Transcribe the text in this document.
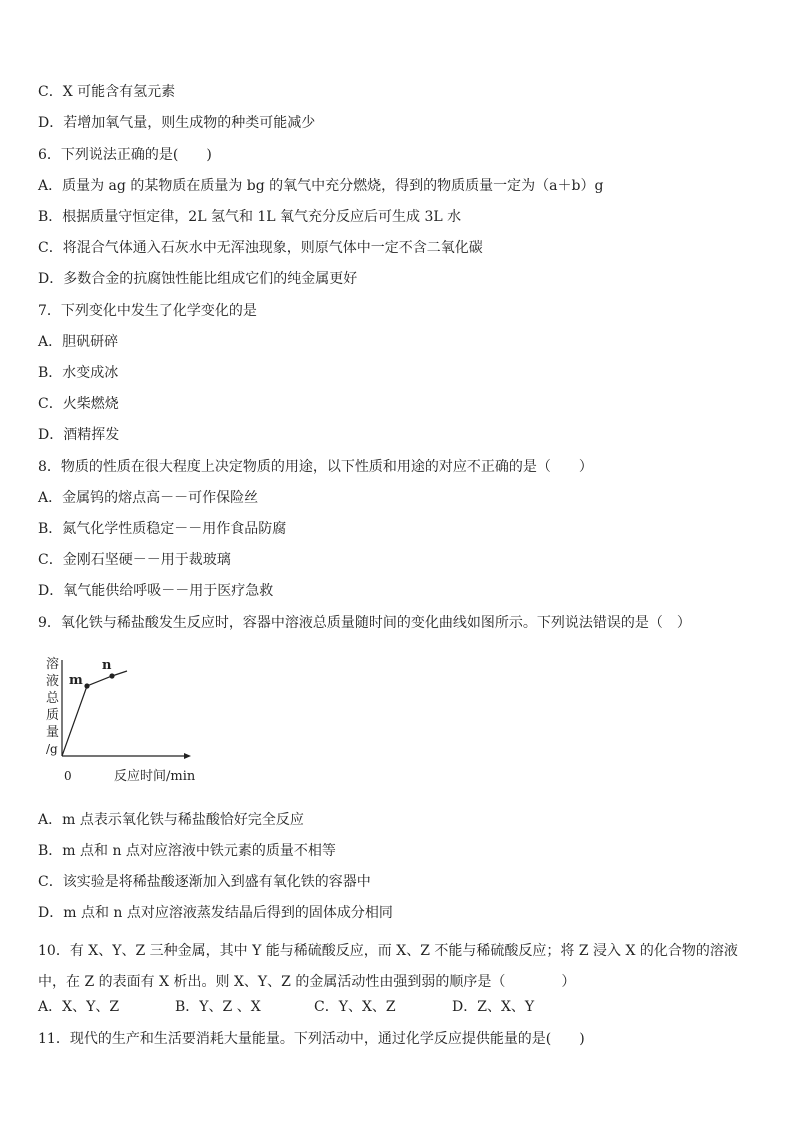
C．X 可能含有氢元素
D．若增加氧气量，则生成物的种类可能减少
6．下列说法正确的是(　　)
A．质量为 ag 的某物质在质量为 bg 的氧气中充分燃烧，得到的物质质量一定为（a＋b）g
B．根据质量守恒定律，2L 氢气和 1L 氧气充分反应后可生成 3L 水
C．将混合气体通入石灰水中无浑浊现象，则原气体中一定不含二氧化碳
D．多数合金的抗腐蚀性能比组成它们的纯金属更好
7．下列变化中发生了化学变化的是
A．胆矾研碎
B．水变成冰
C．火柴燃烧
D．酒精挥发
8．物质的性质在很大程度上决定物质的用途，以下性质和用途的对应不正确的是（　　）
A．金属钨的熔点高－－可作保险丝
B．氮气化学性质稳定－－用作食品防腐
C．金刚石坚硬－－用于裁玻璃
D．氧气能供给呼吸－－用于医疗急救
9．氧化铁与稀盐酸发生反应时，容器中溶液总质量随时间的变化曲线如图所示。下列说法错误的是（　）
溶
液
总
质
量
/g
m
n
0	反应时间/min
A．m 点表示氧化铁与稀盐酸恰好完全反应
B．m 点和 n 点对应溶液中铁元素的质量不相等
C．该实验是将稀盐酸逐渐加入到盛有氧化铁的容器中
D．m 点和 n 点对应溶液蒸发结晶后得到的固体成分相同
10．有 X、Y、Z 三种金属，其中 Y 能与稀硫酸反应，而 X、Z 不能与稀硫酸反应；将 Z 浸入 X 的化合物的溶液中，在 Z 的表面有 X 析出。则 X、Y、Z 的金属活动性由强到弱的顺序是（　　　　）
A．X、Y、Z	B．Y、Z 、X	C．Y、X、Z	D．Z、X、Y
11．现代的生产和生活要消耗大量能量。下列活动中，通过化学反应提供能量的是(　　)
